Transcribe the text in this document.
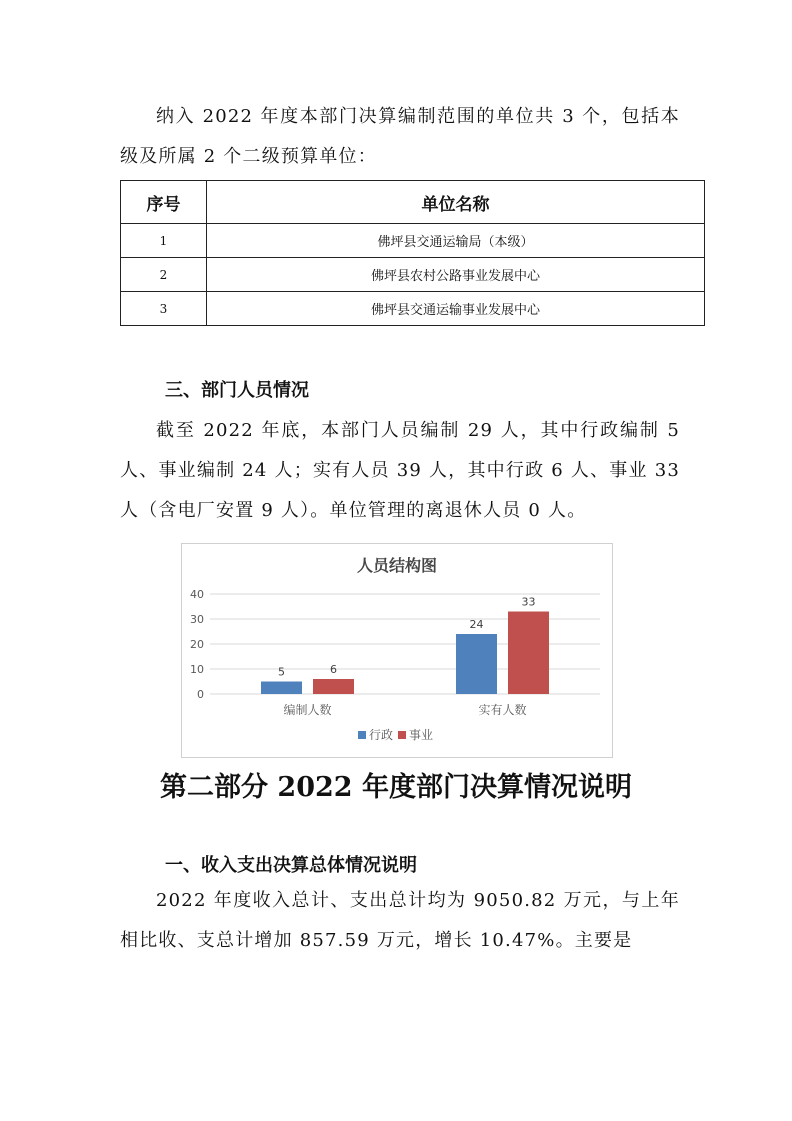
纳入 2022 年度本部门决算编制范围的单位共 3 个，包括本级及所属 2 个二级预算单位：

序号	单位名称
1	佛坪县交通运输局（本级）
2	佛坪县农村公路事业发展中心
3	佛坪县交通运输事业发展中心
三、部门人员情况

截至 2022 年底，本部门人员编制 29 人，其中行政编制 5 人、事业编制 24 人；实有人员 39 人，其中行政 6 人、事业 33 人（含电厂安置 9 人）。单位管理的离退休人员 0 人。

人员结构图
0
10
20
30
40
5	6
编制人数
24
33
实有人数
行政 事业
第二部分 2022 年度部门决算情况说明
一、收入支出决算总体情况说明

2022 年度收入总计、支出总计均为 9050.82 万元，与上年相比收、支总计增加 857.59 万元，增长 10.47%。主要是
